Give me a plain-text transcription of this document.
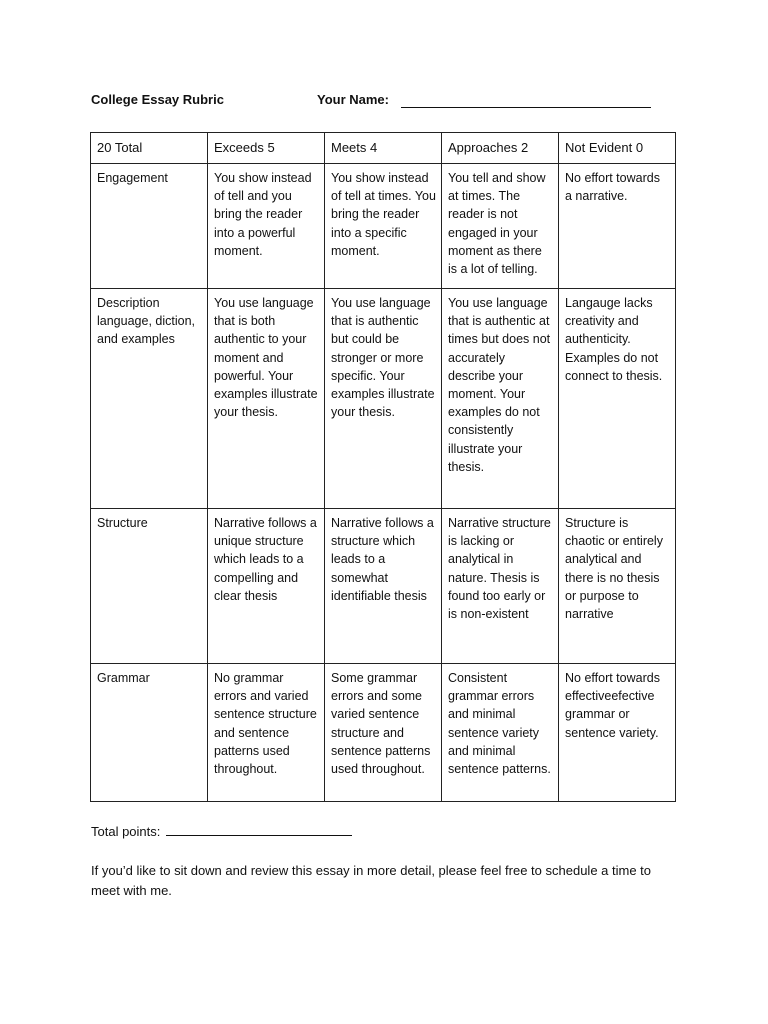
College Essay Rubric	Your Name:
20 Total	Exceeds 5	Meets 4	Approaches 2	Not Evident 0
Engagement	You show instead of tell and you bring the reader into a powerful moment.	You show instead of tell at times. You bring the reader into a specific moment.	You tell and show at times. The reader is not engaged in your moment as there is a lot of telling.	No effort towards a narrative.
Description language, diction, and examples	You use language that is both authentic to your moment and powerful. Your examples illustrate your thesis.	You use language that is authentic but could be stronger or more specific. Your examples illustrate your thesis.	You use language that is authentic at times but does not accurately describe your moment. Your examples do not consistently illustrate your thesis.	Langauge lacks creativity and authenticity. Examples do not connect to thesis.
Structure	Narrative follows a unique structure which leads to a compelling and clear thesis	Narrative follows a structure which leads to a somewhat identifiable thesis	Narrative structure is lacking or analytical in nature. Thesis is found too early or is non-existent	Structure is chaotic or entirely analytical and there is no thesis or purpose to narrative
Grammar	No grammar errors and varied sentence structure and sentence patterns used throughout.	Some grammar errors and some varied sentence structure and sentence patterns used throughout.	Consistent grammar errors and minimal sentence variety and minimal sentence patterns.	No effort towards effectiveefective grammar or sentence variety.
Total points:
If you’d like to sit down and review this essay in more detail, please feel free to schedule a time to meet with me.
